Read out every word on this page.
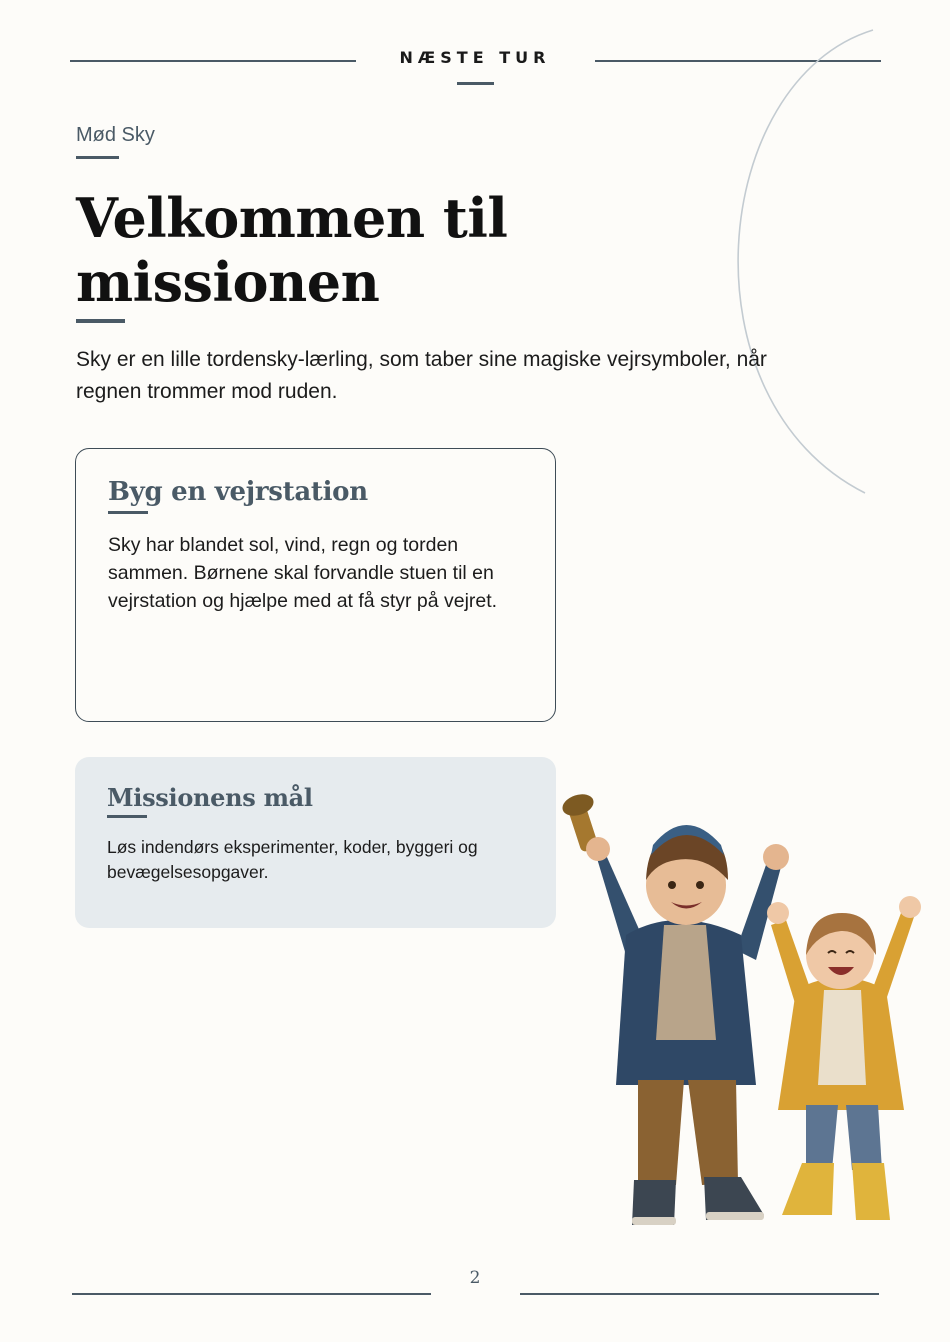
NÆSTE TUR
Mød Sky
Velkommen til missionen

Sky er en lille tordensky-lærling, som taber sine magiske vejrsymboler, når regnen trommer mod ruden.

Byg en vejrstation

Sky har blandet sol, vind, regn og torden sammen. Børnene skal forvandle stuen til en vejrstation og hjælpe med at få styr på vejret.

Missionens mål

Løs indendørs eksperimenter, koder, byggeri og bevægelsesopgaver.

2
